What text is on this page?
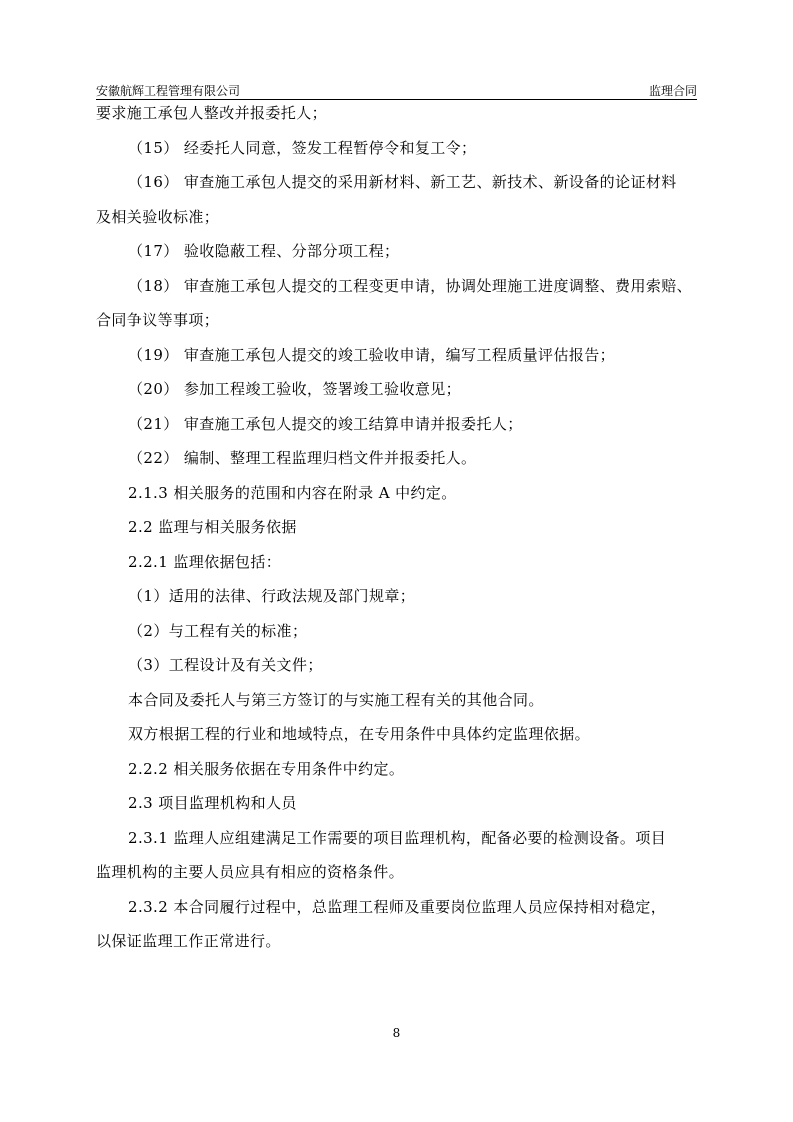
安徽航辉工程管理有限公司	监理合同

要求施工承包人整改并报委托人；

（15） 经委托人同意，签发工程暂停令和复工令；

（16） 审查施工承包人提交的采用新材料、新工艺、新技术、新设备的论证材料

及相关验收标准；

（17） 验收隐蔽工程、分部分项工程；

（18） 审查施工承包人提交的工程变更申请，协调处理施工进度调整、费用索赔、

合同争议等事项；

（19） 审查施工承包人提交的竣工验收申请，编写工程质量评估报告；

（20） 参加工程竣工验收，签署竣工验收意见；

（21） 审查施工承包人提交的竣工结算申请并报委托人；

（22） 编制、整理工程监理归档文件并报委托人。

2.1.3 相关服务的范围和内容在附录 A 中约定。

2.2 监理与相关服务依据

2.2.1 监理依据包括：

（1）适用的法律、行政法规及部门规章；

（2）与工程有关的标准；

（3）工程设计及有关文件；

本合同及委托人与第三方签订的与实施工程有关的其他合同。

双方根据工程的行业和地域特点，在专用条件中具体约定监理依据。

2.2.2 相关服务依据在专用条件中约定。

2.3 项目监理机构和人员

2.3.1 监理人应组建满足工作需要的项目监理机构，配备必要的检测设备。项目

监理机构的主要人员应具有相应的资格条件。

2.3.2 本合同履行过程中，总监理工程师及重要岗位监理人员应保持相对稳定，

以保证监理工作正常进行。

8
